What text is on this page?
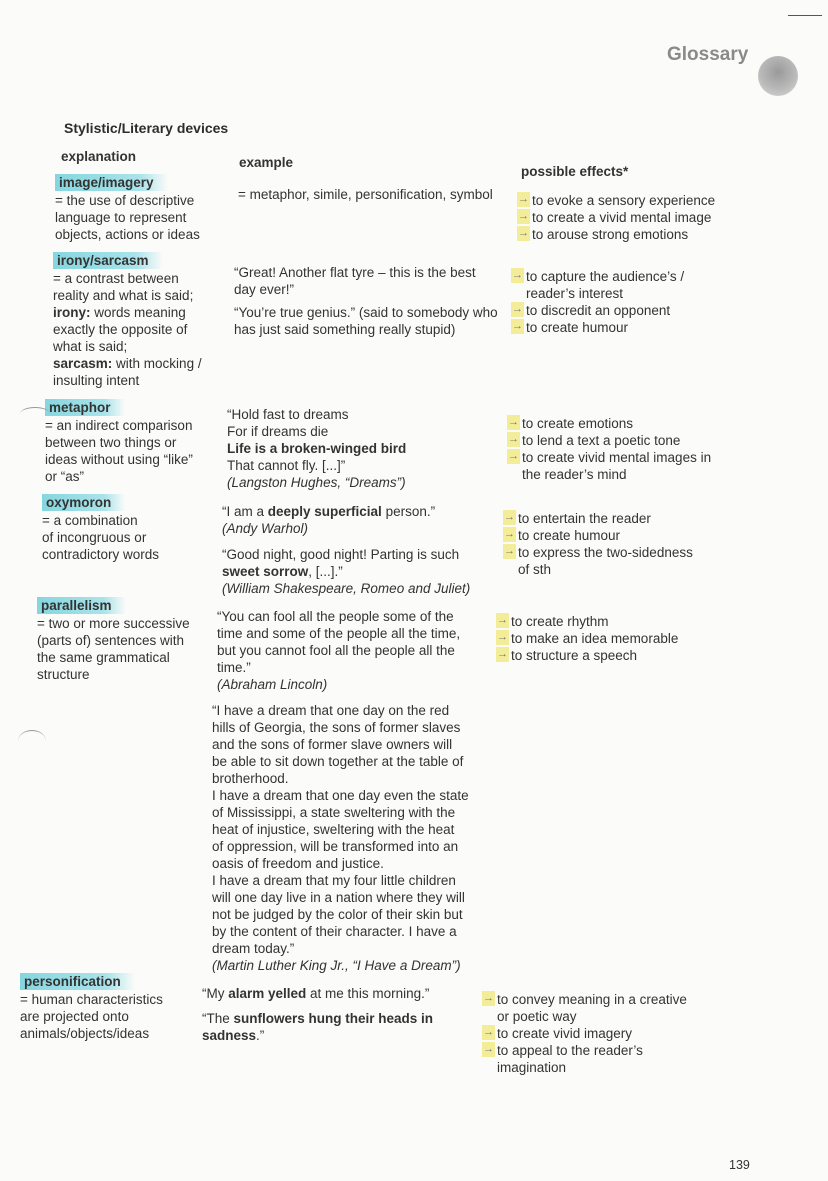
Glossary
Stylistic/Literary devices
explanation	example
possible effects*
image/imagery
= the use of descriptive
language to represent
objects, actions or ideas
= metaphor, simile, personification, symbol → to evoke a sensory experience
→ to create a vivid mental image
→ to arouse strong emotions
irony/sarcasm
= a contrast between
reality and what is said;
irony: words meaning
exactly the opposite of
what is said;
sarcasm: with mocking /
insulting intent

“Great! Another flat tyre – this is the best
day ever!”

“You’re true genius.” (said to somebody who
has just said something really stupid)

→ to capture the audience’s /
reader’s interest
→ to discredit an opponent
→ to create humour
metaphor
= an indirect comparison
between two things or
ideas without using “like”
or “as”
“Hold fast to dreams
For if dreams die
Life is a broken-winged bird
That cannot fly. [...]”
(Langston Hughes, “Dreams”)
→ to create emotions
→ to lend a text a poetic tone
→ to create vivid mental images in
the reader’s mind
oxymoron
= a combination
of incongruous or
contradictory words
“I am a deeply superficial person.”
(Andy Warhol)
“Good night, good night! Parting is such
sweet sorrow, [...].”
(William Shakespeare, Romeo and Juliet)
→ to entertain the reader
→ to create humour
→ to express the two-sidedness
of sth
parallelism
= two or more successive
(parts of) sentences with
the same grammatical
structure
“You can fool all the people some of the
time and some of the people all the time,
but you cannot fool all the people all the
time.”
(Abraham Lincoln)
“I have a dream that one day on the red
hills of Georgia, the sons of former slaves
and the sons of former slave owners will
be able to sit down together at the table of
brotherhood.
I have a dream that one day even the state
of Mississippi, a state sweltering with the
heat of injustice, sweltering with the heat
of oppression, will be transformed into an
oasis of freedom and justice.
I have a dream that my four little children
will one day live in a nation where they will
not be judged by the color of their skin but
by the content of their character. I have a
dream today.”
(Martin Luther King Jr., “I Have a Dream”)
→ to create rhythm
→ to make an idea memorable
→ to structure a speech
personification
= human characteristics
are projected onto
animals/objects/ideas
“My alarm yelled at me this morning.”
“The sunflowers hung their heads in
sadness.”
→ to convey meaning in a creative
or poetic way
→ to create vivid imagery
→ to appeal to the reader’s
imagination
139
